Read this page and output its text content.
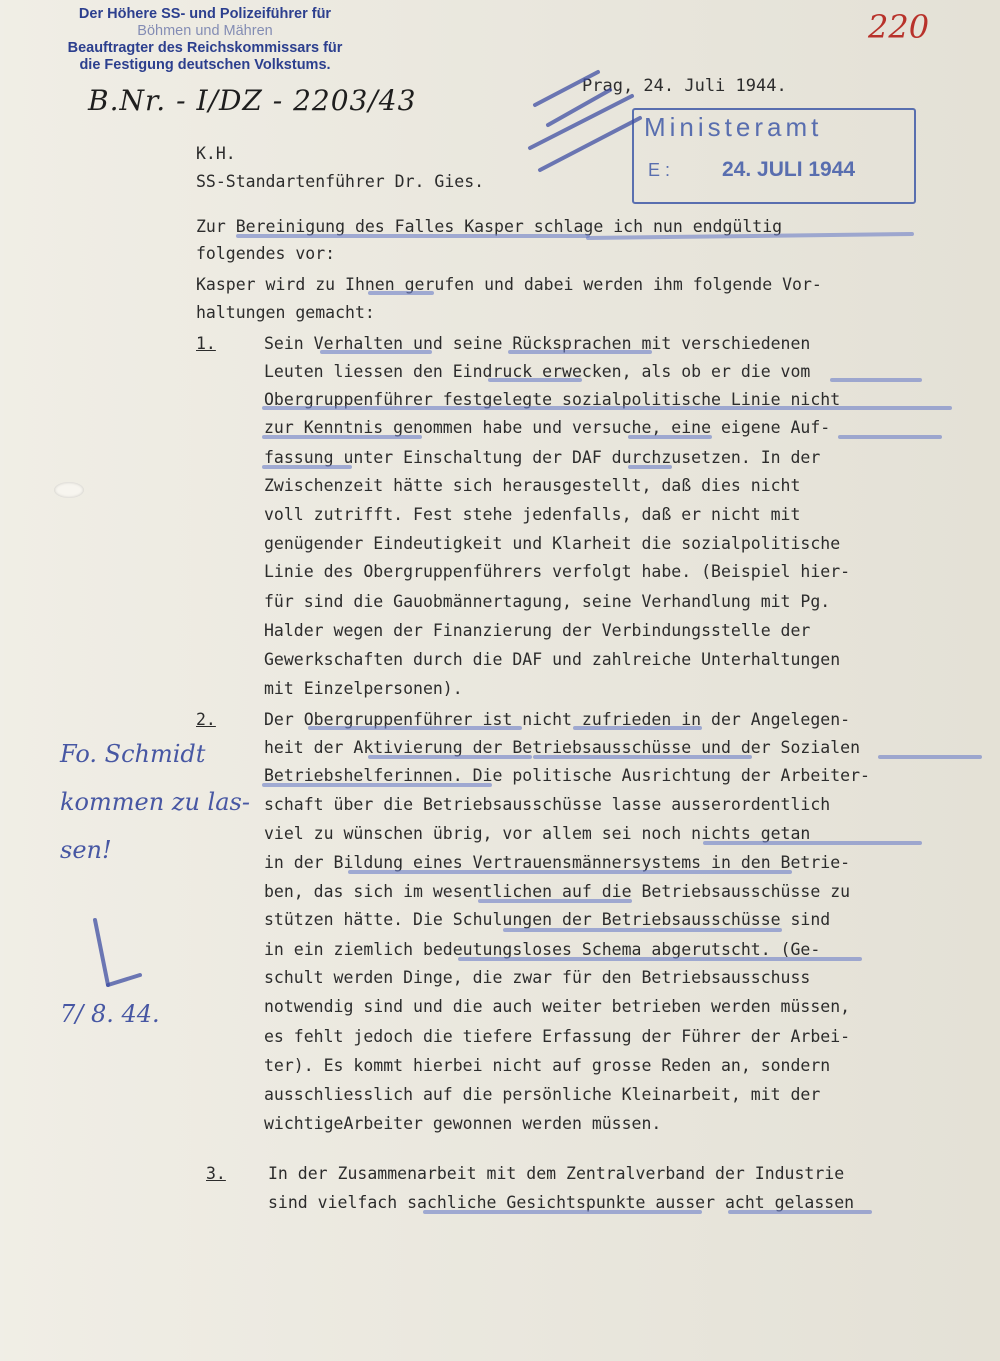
Der Höhere SS- und Polizeiführer für
Böhmen und Mähren
Beauftragter des Reichskommissars für
die Festigung deutschen Volkstums.
B.Nr. - I/DZ - 2203/43
220
Prag, 24. Juli 1944.
Ministeramt
E : 24. JULI 1944
K.H.
SS-Standartenführer Dr. Gies.
Zur Bereinigung des Falles Kasper schlage ich nun endgültig
folgendes vor:
Kasper wird zu Ihnen gerufen und dabei werden ihm folgende Vor-
haltungen gemacht:
1.	Sein Verhalten und seine Rücksprachen mit verschiedenen
Leuten liessen den Eindruck erwecken, als ob er die vom
Obergruppenführer festgelegte sozialpolitische Linie nicht
zur Kenntnis genommen habe und versuche, eine eigene Auf-
fassung unter Einschaltung der DAF durchzusetzen. In der
Zwischenzeit hätte sich herausgestellt, daß dies nicht
voll zutrifft. Fest stehe jedenfalls, daß er nicht mit
genügender Eindeutigkeit und Klarheit die sozialpolitische
Linie des Obergruppenführers verfolgt habe. (Beispiel hier-
für sind die Gauobmännertagung, seine Verhandlung mit Pg.
Halder wegen der Finanzierung der Verbindungsstelle der
Gewerkschaften durch die DAF und zahlreiche Unterhaltungen
mit Einzelpersonen).
2.	Der Obergruppenführer ist nicht zufrieden in der Angelegen-
heit der Aktivierung der Betriebsausschüsse und der Sozialen
Betriebshelferinnen. Die politische Ausrichtung der Arbeiter-
schaft über die Betriebsausschüsse lasse ausserordentlich
viel zu wünschen übrig, vor allem sei noch nichts getan
in der Bildung eines Vertrauensmännersystems in den Betrie-
ben, das sich im wesentlichen auf die Betriebsausschüsse zu
stützen hätte. Die Schulungen der Betriebsausschüsse sind
in ein ziemlich bedeutungsloses Schema abgerutscht. (Ge-
schult werden Dinge, die zwar für den Betriebsausschuss
notwendig sind und die auch weiter betrieben werden müssen,
es fehlt jedoch die tiefere Erfassung der Führer der Arbei-
ter). Es kommt hierbei nicht auf grosse Reden an, sondern
ausschliesslich auf die persönliche Kleinarbeit, mit der
wichtigeArbeiter gewonnen werden müssen.
3.	In der Zusammenarbeit mit dem Zentralverband der Industrie
sind vielfach sachliche Gesichtspunkte ausser acht gelassen
Fo. Schmidt
kommen zu las-
sen!
7/ 8. 44.
